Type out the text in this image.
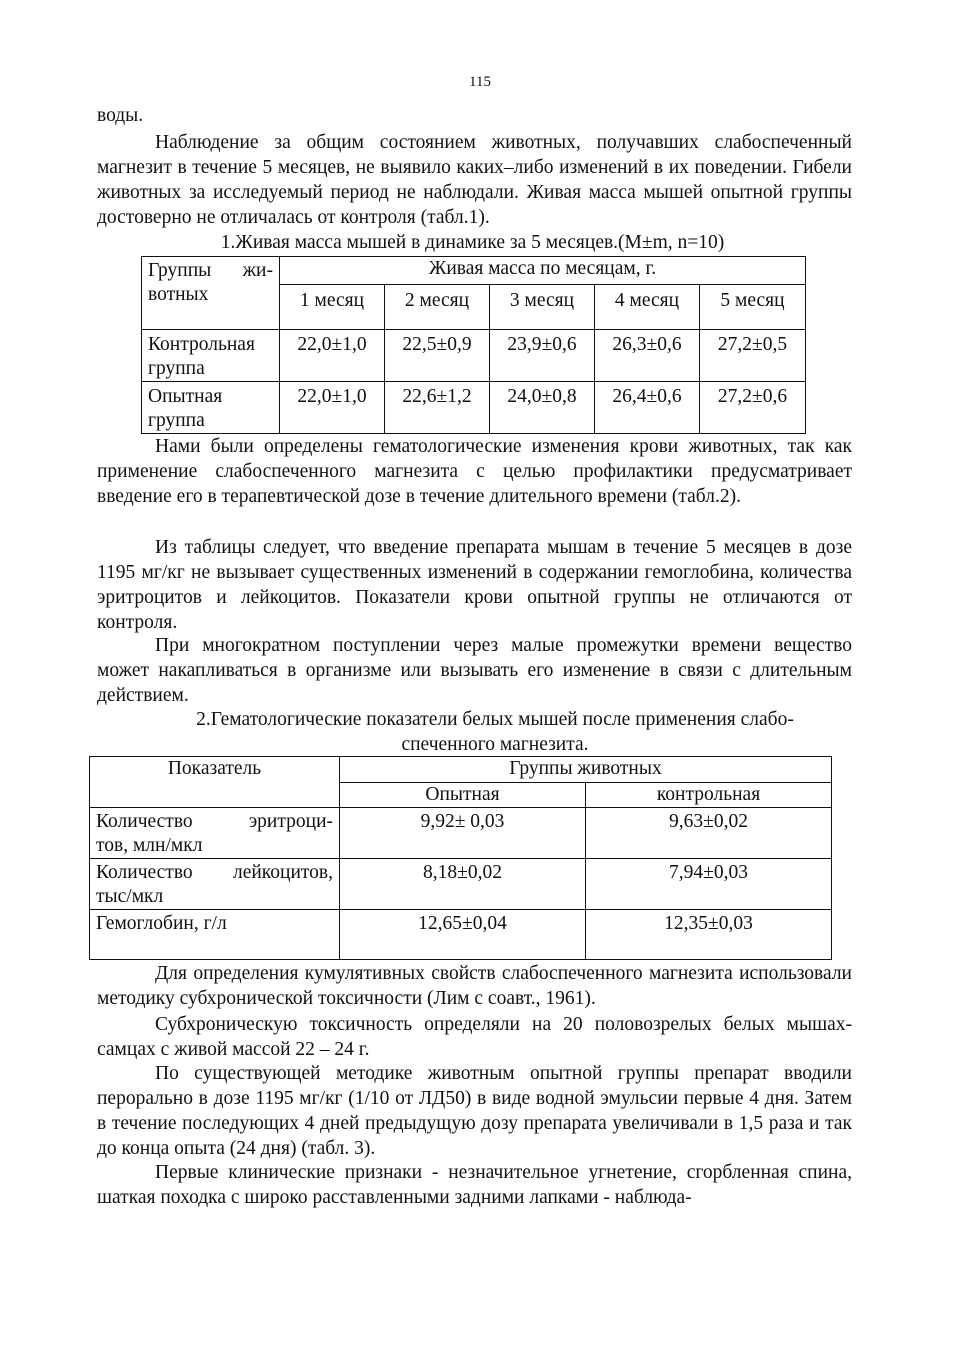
115

воды.

Наблюдение за общим состоянием животных, получавших слабоспеченный магнезит в течение 5 месяцев, не выявило каких–либо изменений в их поведении. Гибели животных за исследуемый период не наблюдали. Живая масса мышей опытной группы достоверно не отличалась от контроля (табл.1).

1.Живая масса мышей в динамике за 5 месяцев.(M±m, n=10)

Группы жи-
вотных	Живая масса по месяцам, г.				
	1 месяц	2 месяц	3 месяц	4 месяц	5 месяц

Контрольная
группа	22,0±1,0	22,5±0,9	23,9±0,6	26,3±0,6	27,2±0,5

Опытная
группа	22,0±1,0	22,6±1,2	24,0±0,8	26,4±0,6	27,2±0,6

Нами были определены гематологические изменения крови животных, так как применение слабоспеченного магнезита с целью профилактики предусматривает введение его в терапевтической дозе в течение длительного времени (табл.2).

Из таблицы следует, что введение препарата мышам в течение 5 месяцев в дозе 1195 мг/кг не вызывает существенных изменений в содержании гемоглобина, количества эритроцитов и лейкоцитов. Показатели крови опытной группы не отличаются от контроля.

При многократном поступлении через малые промежутки времени вещество может накапливаться в организме или вызывать его изменение в связи с длительным действием.

2.Гематологические показатели белых мышей после применения слабо-

спеченного магнезита.

Показатель	Группы животных	
	Опытная	контрольная

Количество эритроци-
тов, млн/мкл	9,92± 0,03	9,63±0,02

Количество лейкоцитов,
тыс/мкл	8,18±0,02	7,94±0,03

Гемоглобин, г/л	12,65±0,04	12,35±0,03

Для определения кумулятивных свойств слабоспеченного магнезита использовали методику субхронической токсичности (Лим с соавт., 1961).

Субхроническую токсичность определяли на 20 половозрелых белых мышах-самцах с живой массой 22 – 24 г.

По существующей методике животным опытной группы препарат вводили перорально в дозе 1195 мг/кг (1/10 от ЛД50) в виде водной эмульсии первые 4 дня. Затем в течение последующих 4 дней предыдущую дозу препарата увеличивали в 1,5 раза и так до конца опыта (24 дня) (табл. 3).

Первые клинические признаки - незначительное угнетение, сгорбленная спина, шаткая походка с широко расставленными задними лапками - наблюда-
